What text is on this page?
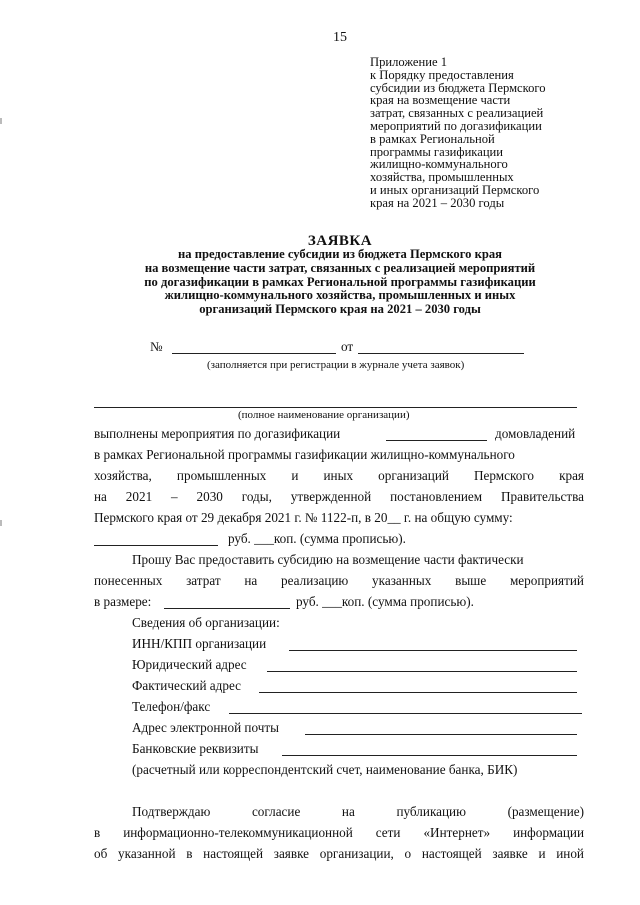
15
Приложение 1
к Порядку предоставления
субсидии из бюджета Пермского
края на возмещение части
затрат, связанных с реализацией
мероприятий по догазификации
в рамках Региональной
программы газификации
жилищно-коммунального
хозяйства, промышленных
и иных организаций Пермского
края на 2021 – 2030 годы
ЗАЯВКА
на предоставление субсидии из бюджета Пермского края
на возмещение части затрат, связанных с реализацией мероприятий
по догазификации в рамках Региональной программы газификации
жилищно-коммунального хозяйства, промышленных и иных
организаций Пермского края на 2021 – 2030 годы
№	от
(заполняется при регистрации в журнале учета заявок)
(полное наименование организации)
выполнены мероприятия по догазификации	домовладений
в рамках Региональной программы газификации жилищно-коммунального
хозяйства, промышленных и иных организаций Пермского края
на 2021 – 2030 годы, утвержденной постановлением Правительства
Пермского края от 29 декабря 2021 г. № 1122-п, в 20__ г. на общую сумму:
руб. ___коп. (сумма прописью).
Прошу Вас предоставить субсидию на возмещение части фактически
понесенных затрат на реализацию указанных выше мероприятий
в размере:	руб. ___коп. (сумма прописью).
Сведения об организации:
ИНН/КПП организации
Юридический адрес
Фактический адрес
Телефон/факс
Адрес электронной почты
Банковские реквизиты
(расчетный или корреспондентский счет, наименование банка, БИК)
Подтверждаю согласие на публикацию (размещение)
в информационно-телекоммуникационной сети «Интернет» информации
об указанной в настоящей заявке организации, о настоящей заявке и иной
